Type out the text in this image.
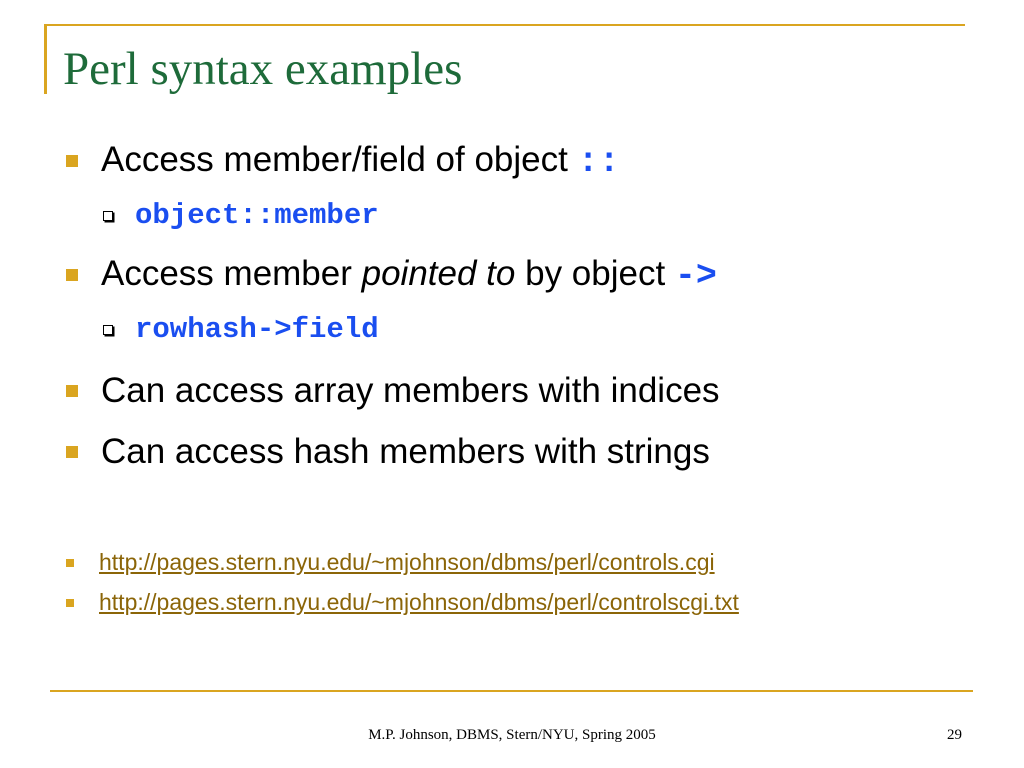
Perl syntax examples
Access member/field of object ::
object::member
Access member pointed to by object ->
rowhash->field
Can access array members with indices
Can access hash members with strings
http://pages.stern.nyu.edu/~mjohnson/dbms/perl/controls.cgi
http://pages.stern.nyu.edu/~mjohnson/dbms/perl/controlscgi.txt
M.P. Johnson, DBMS, Stern/NYU, Spring 2005	29
